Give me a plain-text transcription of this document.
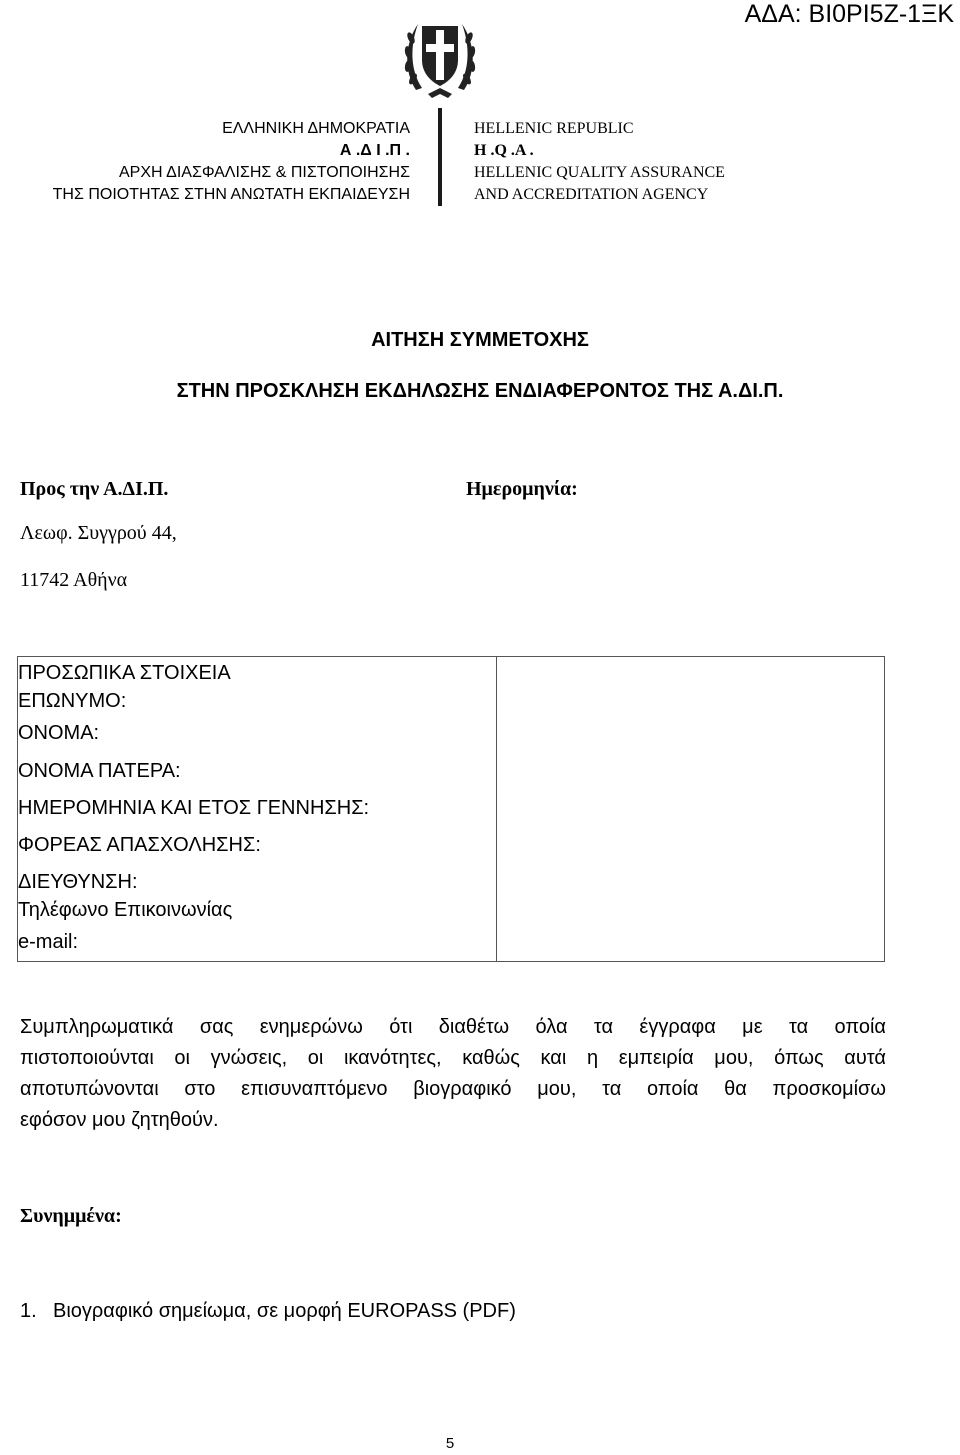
ΑΔΑ: ΒΙ0ΡΙ5Ζ-1ΞΚ
ΕΛΛΗΝΙΚΗ ΔΗΜΟΚΡΑΤΙΑ
Α .Δ Ι .Π .
ΑΡΧΗ ΔΙΑΣΦΑΛΙΣΗΣ & ΠΙΣΤΟΠΟΙΗΣΗΣ
ΤΗΣ ΠΟΙΟΤΗΤΑΣ ΣΤΗΝ ΑΝΩΤΑΤΗ ΕΚΠΑΙΔΕΥΣΗ
HELLENIC REPUBLIC
H .Q .A .
HELLENIC QUALITY ASSURANCE
AND ACCREDITATION AGENCY
ΑΙΤΗΣΗ ΣΥΜΜΕΤΟΧΗΣ
ΣΤΗΝ ΠΡΟΣΚΛΗΣΗ ΕΚΔΗΛΩΣΗΣ ΕΝΔΙΑΦΕΡΟΝΤΟΣ ΤΗΣ Α.ΔΙ.Π.
Προς την Α.ΔΙ.Π.	Ημερομηνία:
Λεωφ. Συγγρού 44,
11742 Αθήνα
ΠΡΟΣΩΠΙΚΑ ΣΤΟΙΧΕΙΑ
ΕΠΩΝΥΜΟ:
ΟΝΟΜΑ:
ΟΝΟΜΑ ΠΑΤΕΡΑ:
ΗΜΕΡΟΜΗΝΙΑ ΚΑΙ ΕΤΟΣ ΓΕΝΝΗΣΗΣ:
ΦΟΡΕΑΣ ΑΠΑΣΧΟΛΗΣΗΣ:
ΔΙΕΥΘΥΝΣΗ:
Τηλέφωνο Επικοινωνίας
e-mail:

Συμπληρωματικά σας ενημερώνω ότι διαθέτω όλα τα έγγραφα με τα οποία
πιστοποιούνται οι γνώσεις, οι ικανότητες, καθώς και η εμπειρία μου, όπως αυτά
αποτυπώνονται στο επισυναπτόμενο βιογραφικό μου, τα οποία θα προσκομίσω
εφόσον μου ζητηθούν.
Συνημμένα:
1. Βιογραφικό σημείωμα, σε μορφή EUROPASS (PDF)
5
